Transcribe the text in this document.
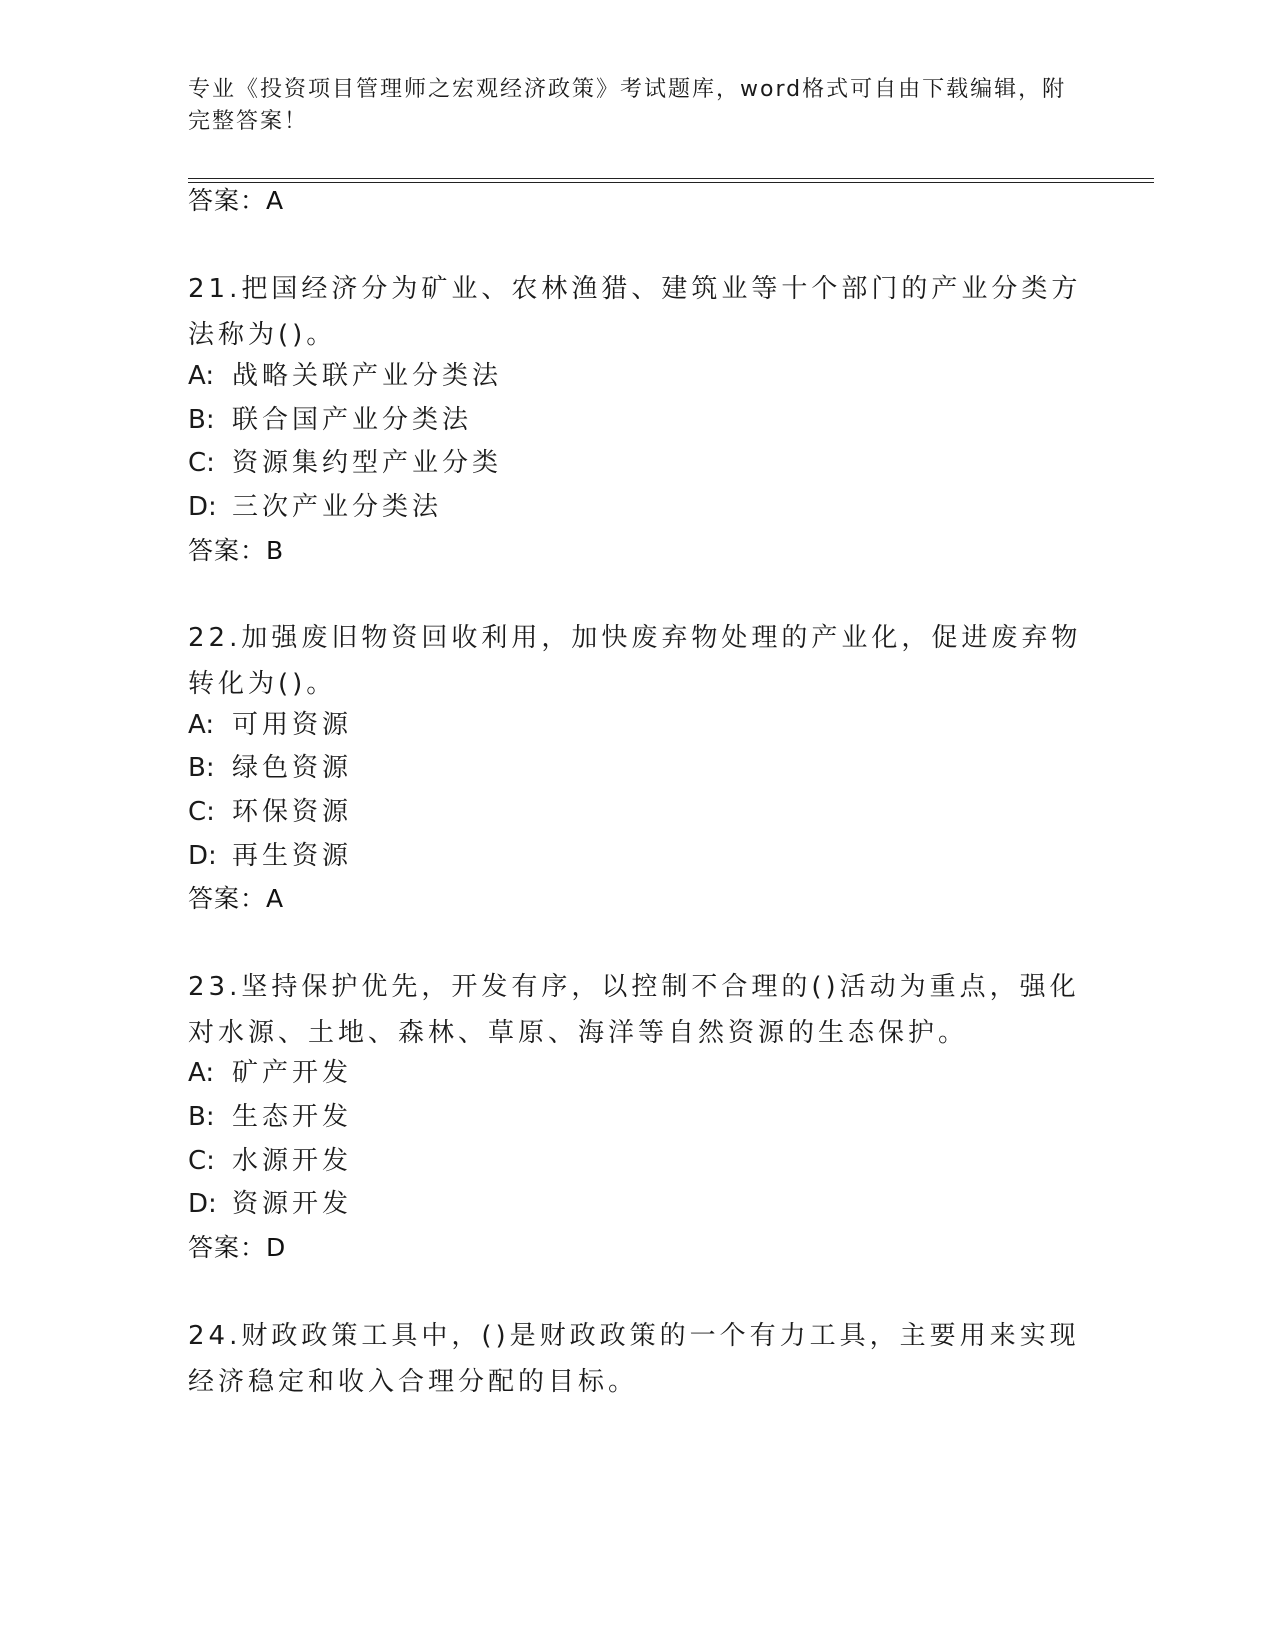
专业《投资项目管理师之宏观经济政策》考试题库，word格式可自由下载编辑，附完整答案！
答案：A
21.把国经济分为矿业、农林渔猎、建筑业等十个部门的产业分类方法称为()。
A: 战略关联产业分类法
B: 联合国产业分类法
C: 资源集约型产业分类
D: 三次产业分类法
答案：B
22.加强废旧物资回收利用，加快废弃物处理的产业化，促进废弃物转化为()。
A: 可用资源
B: 绿色资源
C: 环保资源
D: 再生资源
答案：A
23.坚持保护优先，开发有序，以控制不合理的()活动为重点，强化对水源、土地、森林、草原、海洋等自然资源的生态保护。
A: 矿产开发
B: 生态开发
C: 水源开发
D: 资源开发
答案：D
24.财政政策工具中，()是财政政策的一个有力工具，主要用来实现经济稳定和收入合理分配的目标。
